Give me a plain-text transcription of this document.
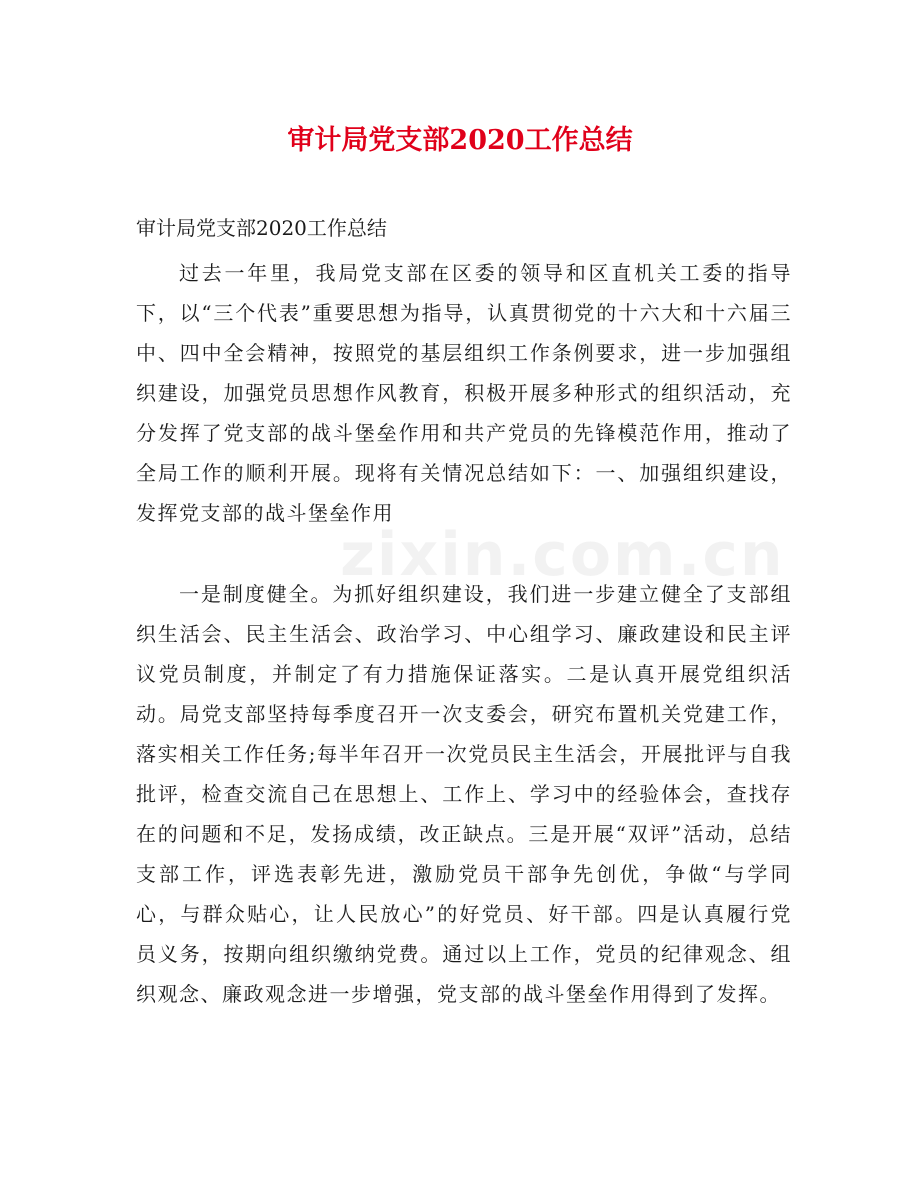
审计局党支部2020工作总结

审计局党支部2020工作总结

过去一年里，我局党支部在区委的领导和区直机关工委的指导下，以“三个代表”重要思想为指导，认真贯彻党的十六大和十六届三中、四中全会精神，按照党的基层组织工作条例要求，进一步加强组织建设，加强党员思想作风教育，积极开展多种形式的组织活动，充分发挥了党支部的战斗堡垒作用和共产党员的先锋模范作用，推动了全局工作的顺利开展。现将有关情况总结如下：一、加强组织建设，发挥党支部的战斗堡垒作用

一是制度健全。为抓好组织建设，我们进一步建立健全了支部组织生活会、民主生活会、政治学习、中心组学习、廉政建设和民主评议党员制度，并制定了有力措施保证落实。二是认真开展党组织活动。局党支部坚持每季度召开一次支委会，研究布置机关党建工作，落实相关工作任务;每半年召开一次党员民主生活会，开展批评与自我批评，检查交流自己在思想上、工作上、学习中的经验体会，查找存在的问题和不足，发扬成绩，改正缺点。三是开展“双评”活动，总结支部工作，评选表彰先进，激励党员干部争先创优，争做“与学同心，与群众贴心，让人民放心”的好党员、好干部。四是认真履行党员义务，按期向组织缴纳党费。通过以上工作，党员的纪律观念、组织观念、廉政观念进一步增强，党支部的战斗堡垒作用得到了发挥。

zixin.com.cn
